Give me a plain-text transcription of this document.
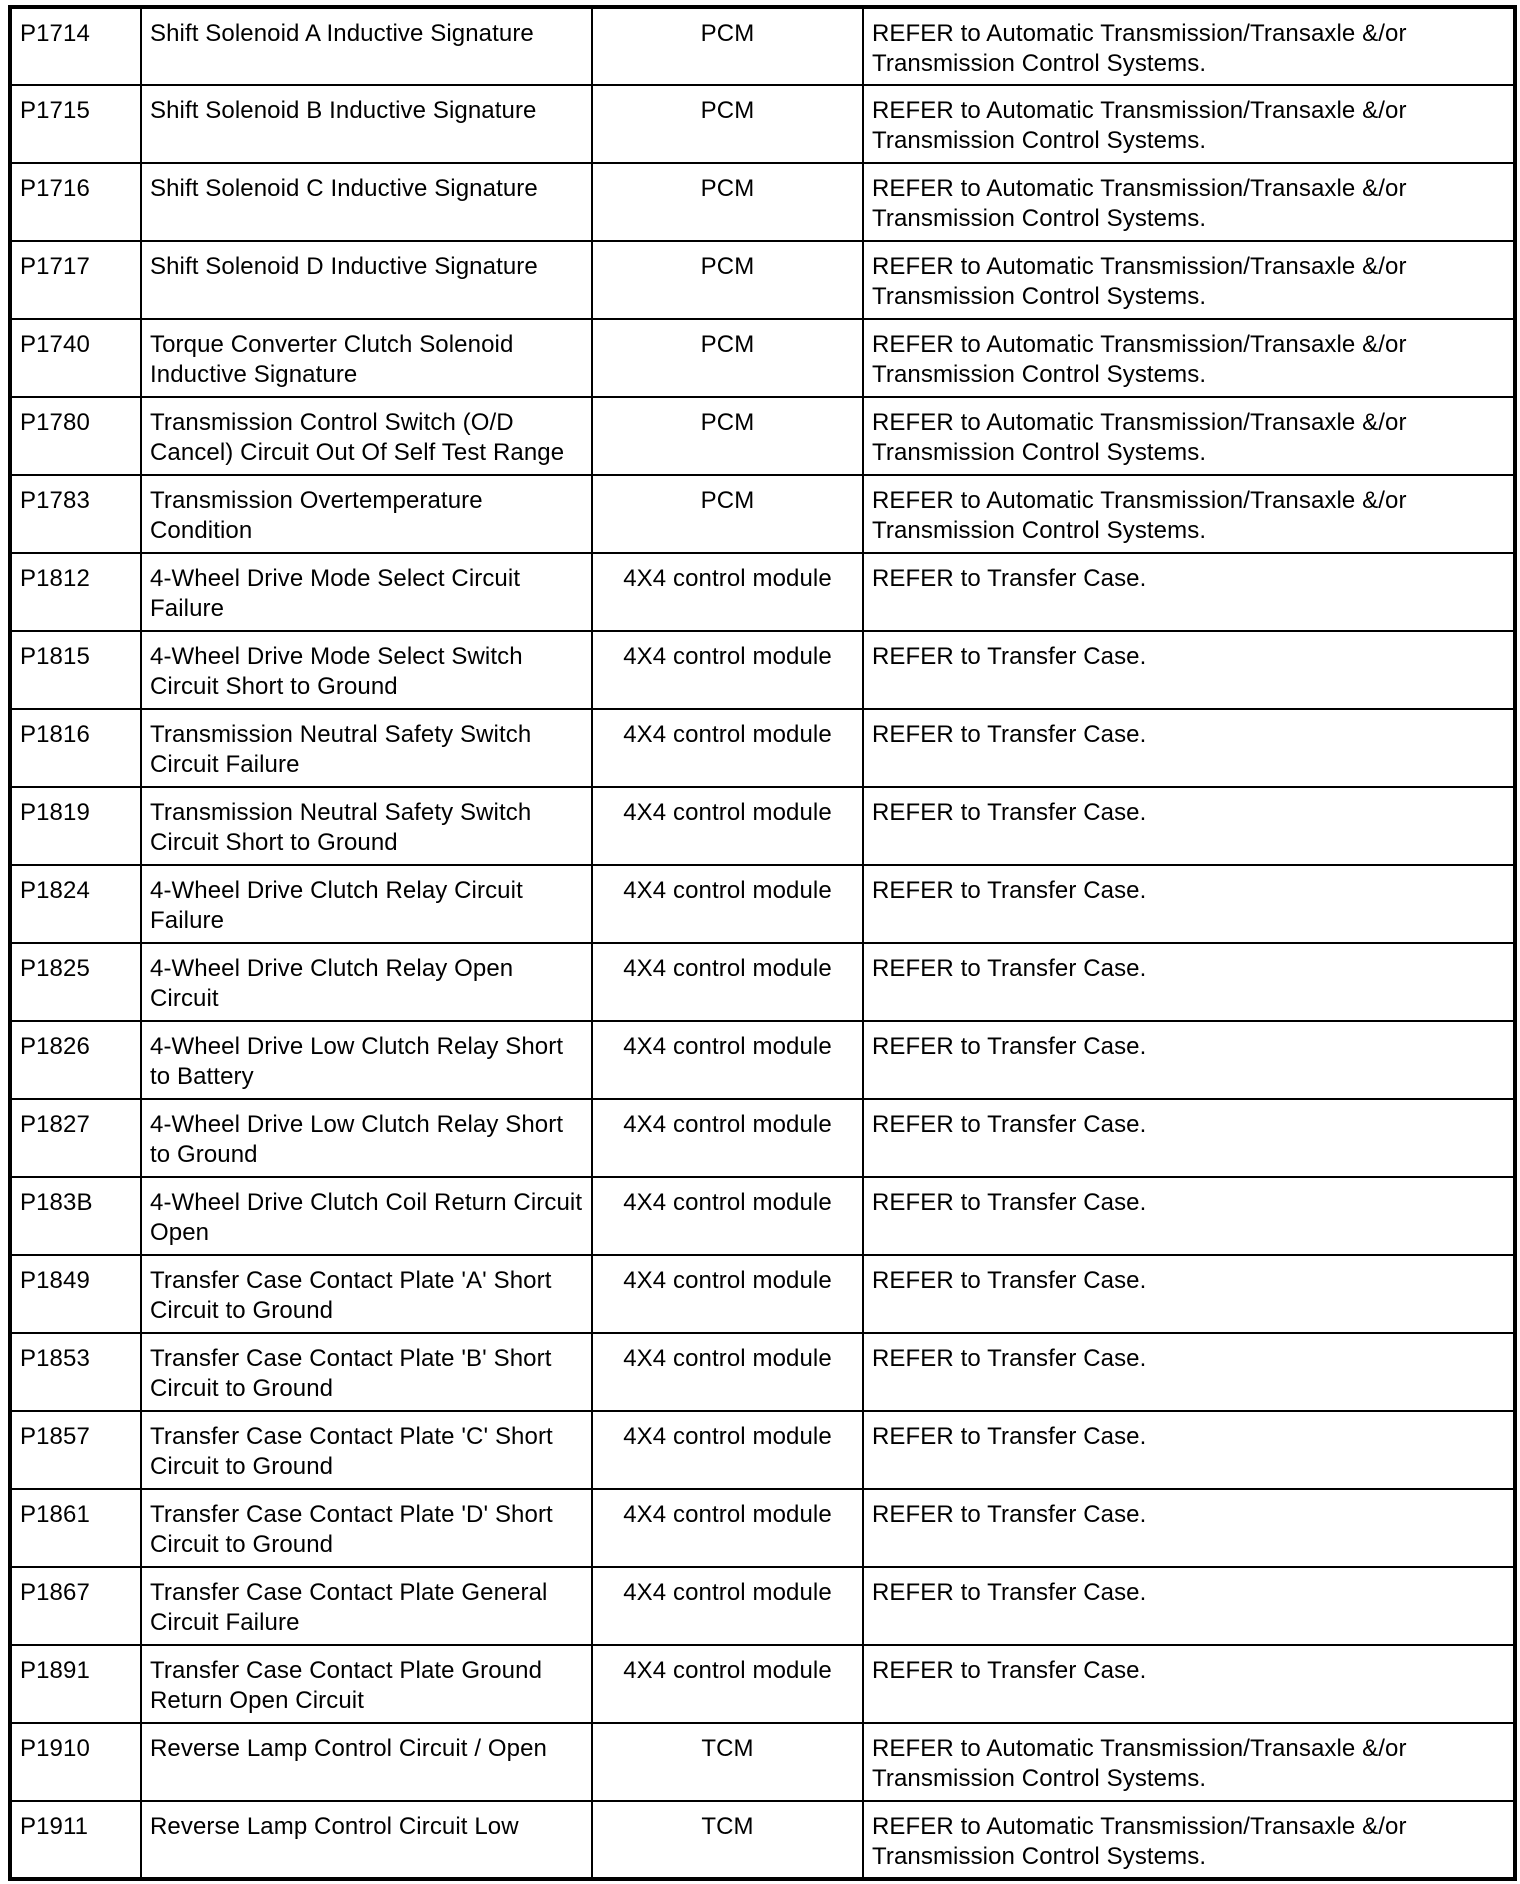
P1714	Shift Solenoid A Inductive Signature	PCM	REFER to Automatic Transmission/Transaxle &/or Transmission Control Systems.
P1715	Shift Solenoid B Inductive Signature	PCM	REFER to Automatic Transmission/Transaxle &/or Transmission Control Systems.
P1716	Shift Solenoid C Inductive Signature	PCM	REFER to Automatic Transmission/Transaxle &/or Transmission Control Systems.
P1717	Shift Solenoid D Inductive Signature	PCM	REFER to Automatic Transmission/Transaxle &/or Transmission Control Systems.
P1740	Torque Converter Clutch Solenoid Inductive Signature	PCM	REFER to Automatic Transmission/Transaxle &/or Transmission Control Systems.
P1780	Transmission Control Switch (O/D Cancel) Circuit Out Of Self Test Range	PCM	REFER to Automatic Transmission/Transaxle &/or Transmission Control Systems.
P1783	Transmission Overtemperature Condition	PCM	REFER to Automatic Transmission/Transaxle &/or Transmission Control Systems.
P1812	4-Wheel Drive Mode Select Circuit Failure	4X4 control module	REFER to Transfer Case.
P1815	4-Wheel Drive Mode Select Switch Circuit Short to Ground	4X4 control module	REFER to Transfer Case.
P1816	Transmission Neutral Safety Switch Circuit Failure	4X4 control module	REFER to Transfer Case.
P1819	Transmission Neutral Safety Switch Circuit Short to Ground	4X4 control module	REFER to Transfer Case.
P1824	4-Wheel Drive Clutch Relay Circuit Failure	4X4 control module	REFER to Transfer Case.
P1825	4-Wheel Drive Clutch Relay Open Circuit	4X4 control module	REFER to Transfer Case.
P1826	4-Wheel Drive Low Clutch Relay Short to Battery	4X4 control module	REFER to Transfer Case.
P1827	4-Wheel Drive Low Clutch Relay Short to Ground	4X4 control module	REFER to Transfer Case.
P183B	4-Wheel Drive Clutch Coil Return Circuit Open	4X4 control module	REFER to Transfer Case.
P1849	Transfer Case Contact Plate 'A' Short Circuit to Ground	4X4 control module	REFER to Transfer Case.
P1853	Transfer Case Contact Plate 'B' Short Circuit to Ground	4X4 control module	REFER to Transfer Case.
P1857	Transfer Case Contact Plate 'C' Short Circuit to Ground	4X4 control module	REFER to Transfer Case.
P1861	Transfer Case Contact Plate 'D' Short Circuit to Ground	4X4 control module	REFER to Transfer Case.
P1867	Transfer Case Contact Plate General Circuit Failure	4X4 control module	REFER to Transfer Case.
P1891	Transfer Case Contact Plate Ground Return Open Circuit	4X4 control module	REFER to Transfer Case.
P1910	Reverse Lamp Control Circuit / Open	TCM	REFER to Automatic Transmission/Transaxle &/or Transmission Control Systems.
P1911	Reverse Lamp Control Circuit Low	TCM	REFER to Automatic Transmission/Transaxle &/or Transmission Control Systems.
